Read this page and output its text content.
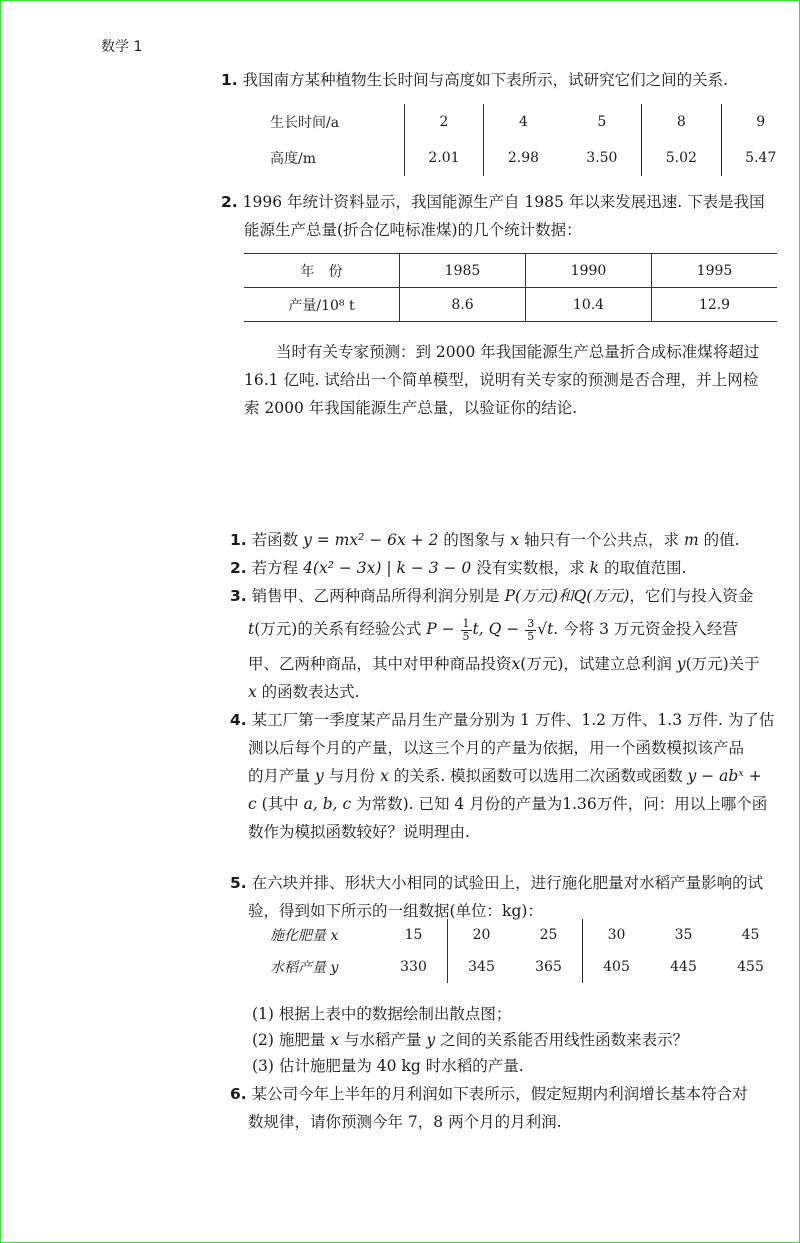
数学 1
1. 我国南方某种植物生长时间与高度如下表所示，试研究它们之间的关系.
生长时间/a	2	4	5	8	9
高度/m	2.01	2.98	3.50	5.02	5.47
2. 1996 年统计资料显示，我国能源生产自 1985 年以来发展迅速. 下表是我国
能源生产总量(折合亿吨标准煤)的几个统计数据：
年　份	1985	1990	1995
产量/10⁸ t	8.6	10.4	12.9
当时有关专家预测：到 2000 年我国能源生产总量折合成标准煤将超过
16.1 亿吨. 试给出一个简单模型，说明有关专家的预测是否合理，并上网检
索 2000 年我国能源生产总量，以验证你的结论.
1. 若函数 y = mx² − 6x + 2 的图象与 x 轴只有一个公共点，求 m 的值.
2. 若方程 4(x² − 3x) | k − 3 − 0 没有实数根，求 k 的取值范围.
3. 销售甲、乙两种商品所得利润分别是 P(万元)和Q(万元)，它们与投入资金
t(万元)的关系有经验公式 $P - \frac{1}{5} t$, $Q - \frac{3}{5} √t$. 今将 3 万元资金投入经营
甲、乙两种商品，其中对甲种商品投资x(万元)，试建立总利润 y(万元)关于
x 的函数表达式.
4. 某工厂第一季度某产品月生产量分别为 1 万件、1.2 万件、1.3 万件. 为了估
测以后每个月的产量，以这三个月的产量为依据，用一个函数模拟该产品
的月产量 y 与月份 x 的关系. 模拟函数可以选用二次函数或函数 y − abˣ +
c (其中 a, b, c 为常数). 已知 4 月份的产量为1.36万件，问：用以上哪个函
数作为模拟函数较好？说明理由.
5. 在六块并排、形状大小相同的试验田上，进行施化肥量对水稻产量影响的试
验，得到如下所示的一组数据(单位：kg)：
施化肥量 x	15	20	25	30	35	45
水稻产量 y	330	345	365	405	445	455
(1) 根据上表中的数据绘制出散点图；
(2) 施肥量 x 与水稻产量 y 之间的关系能否用线性函数来表示？
(3) 估计施肥量为 40 kg 时水稻的产量.
6. 某公司今年上半年的月利润如下表所示，假定短期内利润增长基本符合对
数规律，请你预测今年 7，8 两个月的月利润.
